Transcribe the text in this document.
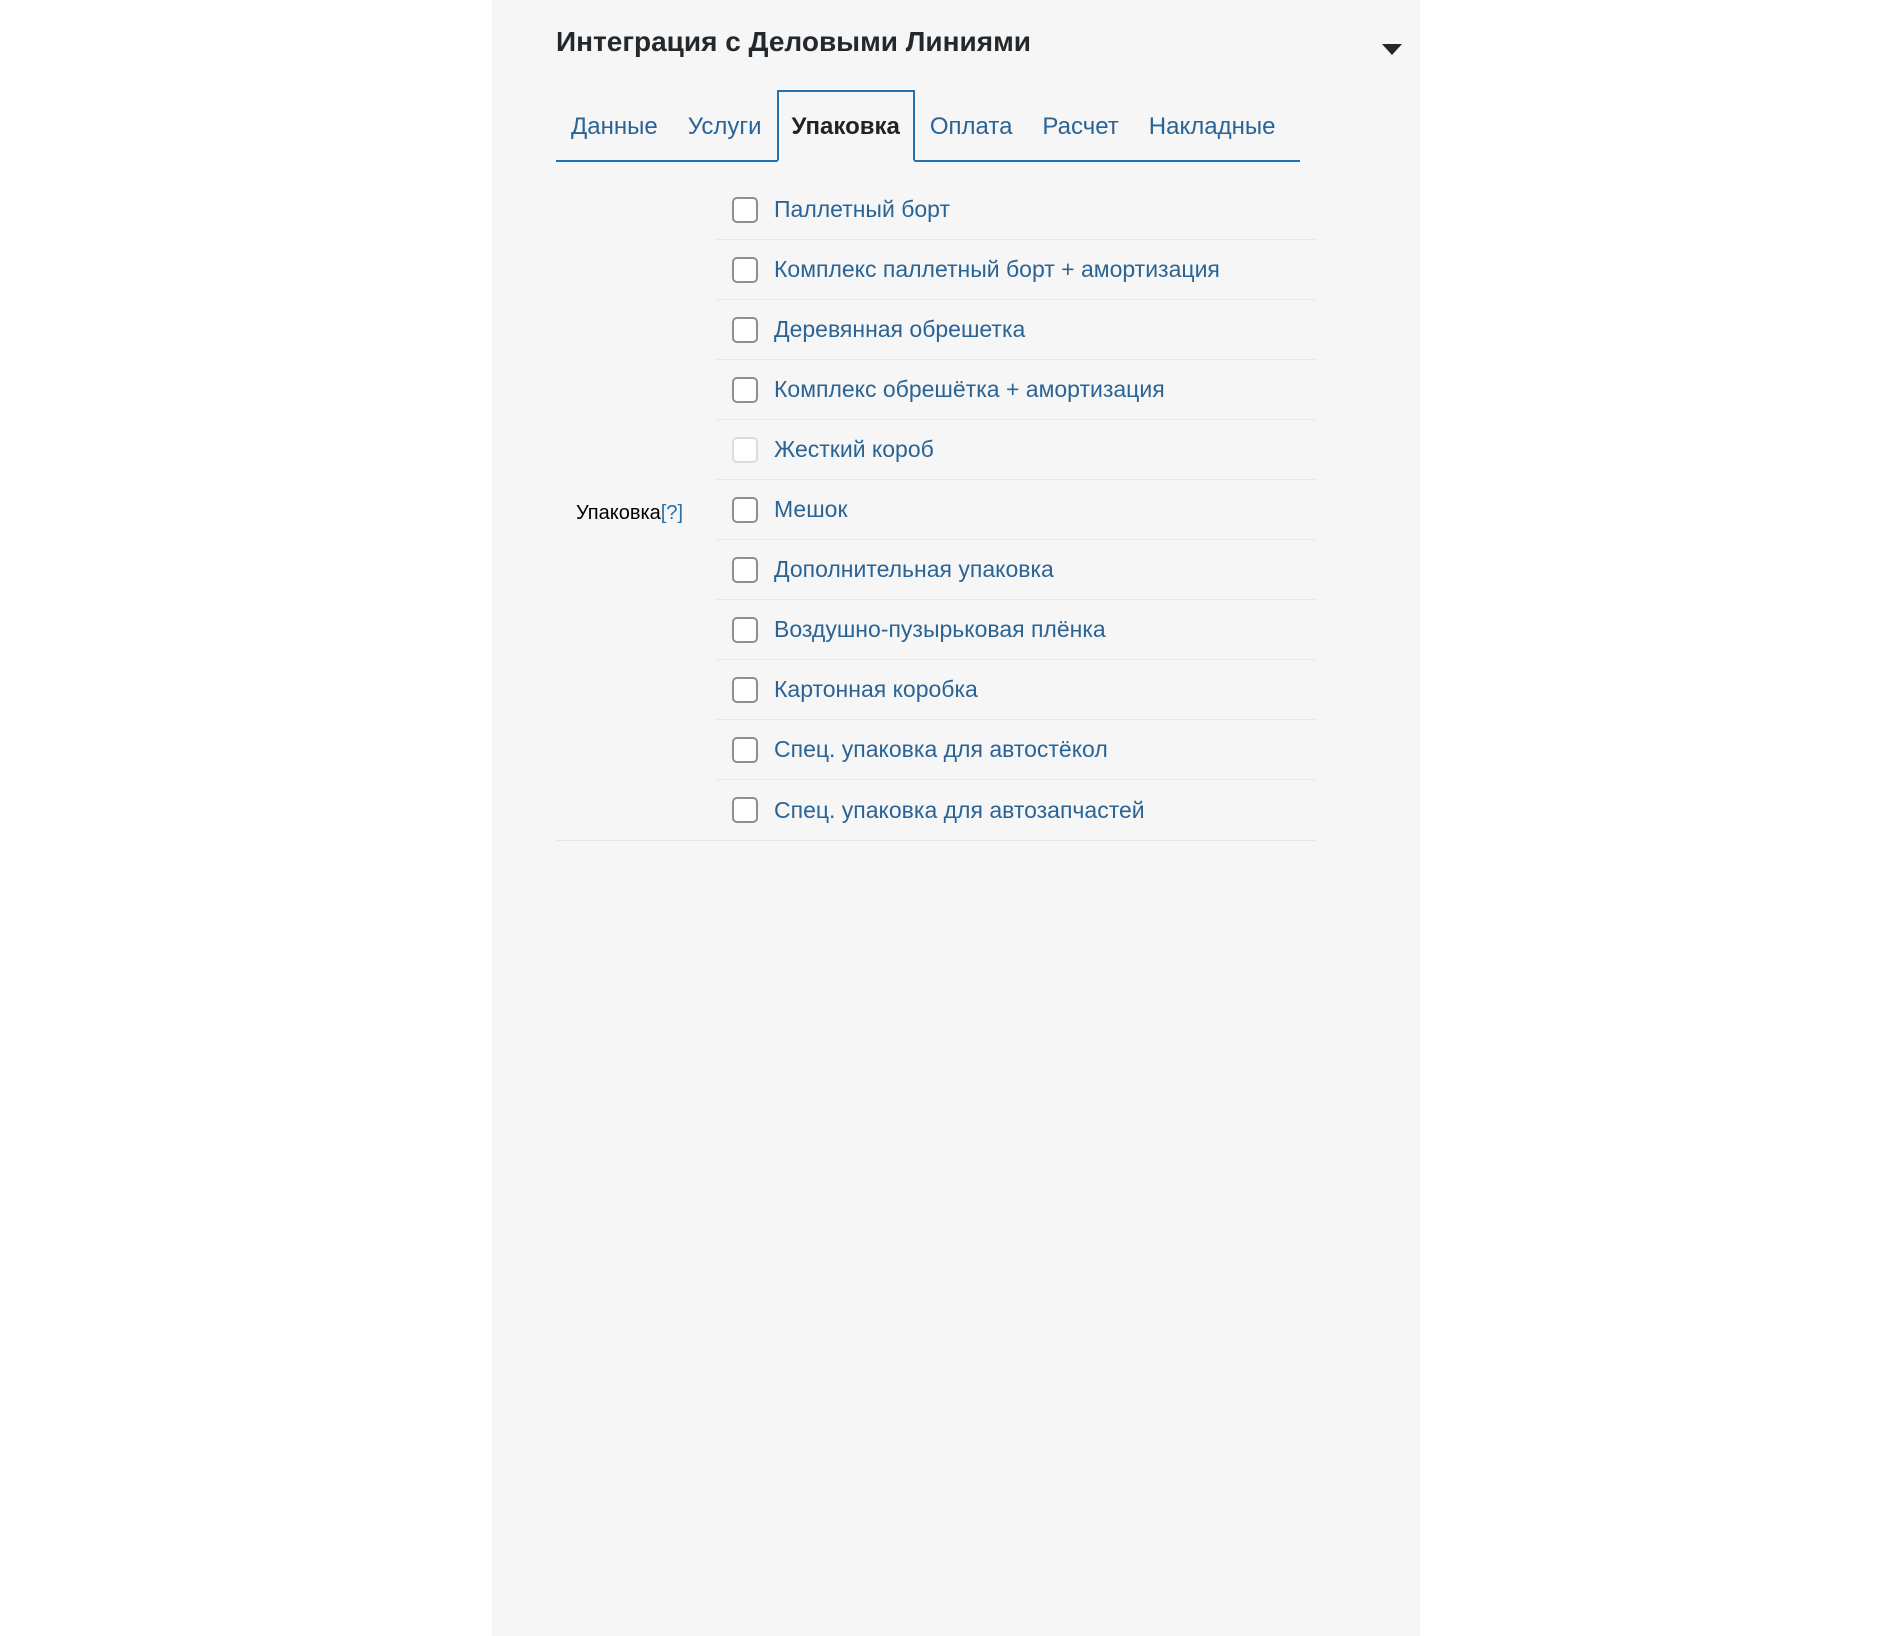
Интеграция с Деловыми Линиями
Данные	Услуги	Упаковка	Оплата	Расчет	Накладные
Упаковка[?]
Паллетный борт
Комплекс паллетный борт + амортизация
Деревянная обрешетка
Комплекс обрешётка + амортизация
Жесткий короб
Мешок
Дополнительная упаковка
Воздушно-пузырьковая плёнка
Картонная коробка
Спец. упаковка для автостёкол
Спец. упаковка для автозапчастей
